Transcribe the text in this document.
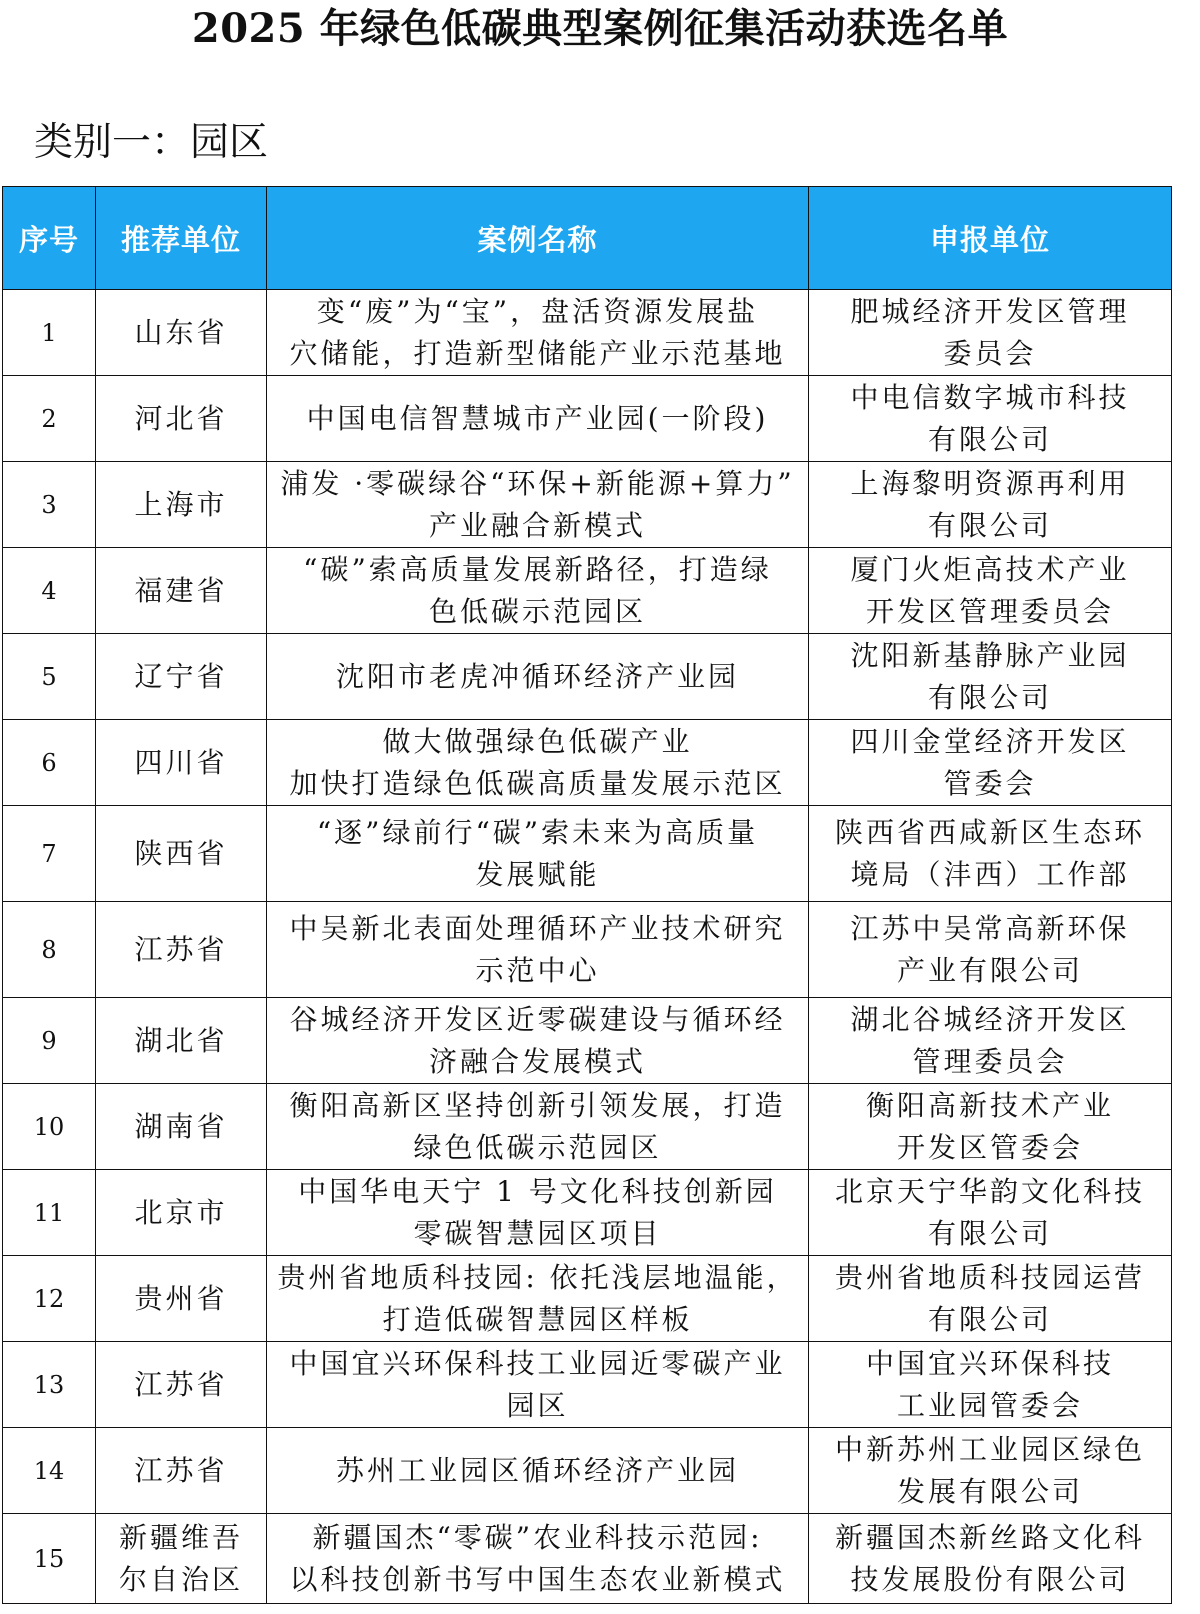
2025 年绿色低碳典型案例征集活动获选名单
类别一：园区
序号	推荐单位	案例名称	申报单位
1	山东省	变“废”为“宝”，盘活资源发展盐
穴储能，打造新型储能产业示范基地	肥城经济开发区管理
委员会
2	河北省	中国电信智慧城市产业园(一阶段)	中电信数字城市科技
有限公司
3	上海市	浦发 ·零碳绿谷“环保+新能源+算力”
产业融合新模式	上海黎明资源再利用
有限公司
4	福建省	“碳”索高质量发展新路径，打造绿
色低碳示范园区	厦门火炬高技术产业
开发区管理委员会
5	辽宁省	沈阳市老虎冲循环经济产业园	沈阳新基静脉产业园
有限公司
6	四川省	做大做强绿色低碳产业
加快打造绿色低碳高质量发展示范区	四川金堂经济开发区
管委会
7	陕西省	“逐”绿前行“碳”索未来为高质量
发展赋能	陕西省西咸新区生态环
境局（沣西）工作部
8	江苏省	中吴新北表面处理循环产业技术研究
示范中心	江苏中吴常高新环保
产业有限公司
9	湖北省	谷城经济开发区近零碳建设与循环经
济融合发展模式	湖北谷城经济开发区
管理委员会
10	湖南省	衡阳高新区坚持创新引领发展，打造
绿色低碳示范园区	衡阳高新技术产业
开发区管委会
11	北京市	中国华电天宁 1 号文化科技创新园
零碳智慧园区项目	北京天宁华韵文化科技
有限公司
12	贵州省	贵州省地质科技园: 依托浅层地温能，
打造低碳智慧园区样板	贵州省地质科技园运营
有限公司
13	江苏省	中国宜兴环保科技工业园近零碳产业
园区	中国宜兴环保科技
工业园管委会
14	江苏省	苏州工业园区循环经济产业园	中新苏州工业园区绿色
发展有限公司
15	新疆维吾
尔自治区	新疆国杰“零碳”农业科技示范园:
以科技创新书写中国生态农业新模式	新疆国杰新丝路文化科
技发展股份有限公司
